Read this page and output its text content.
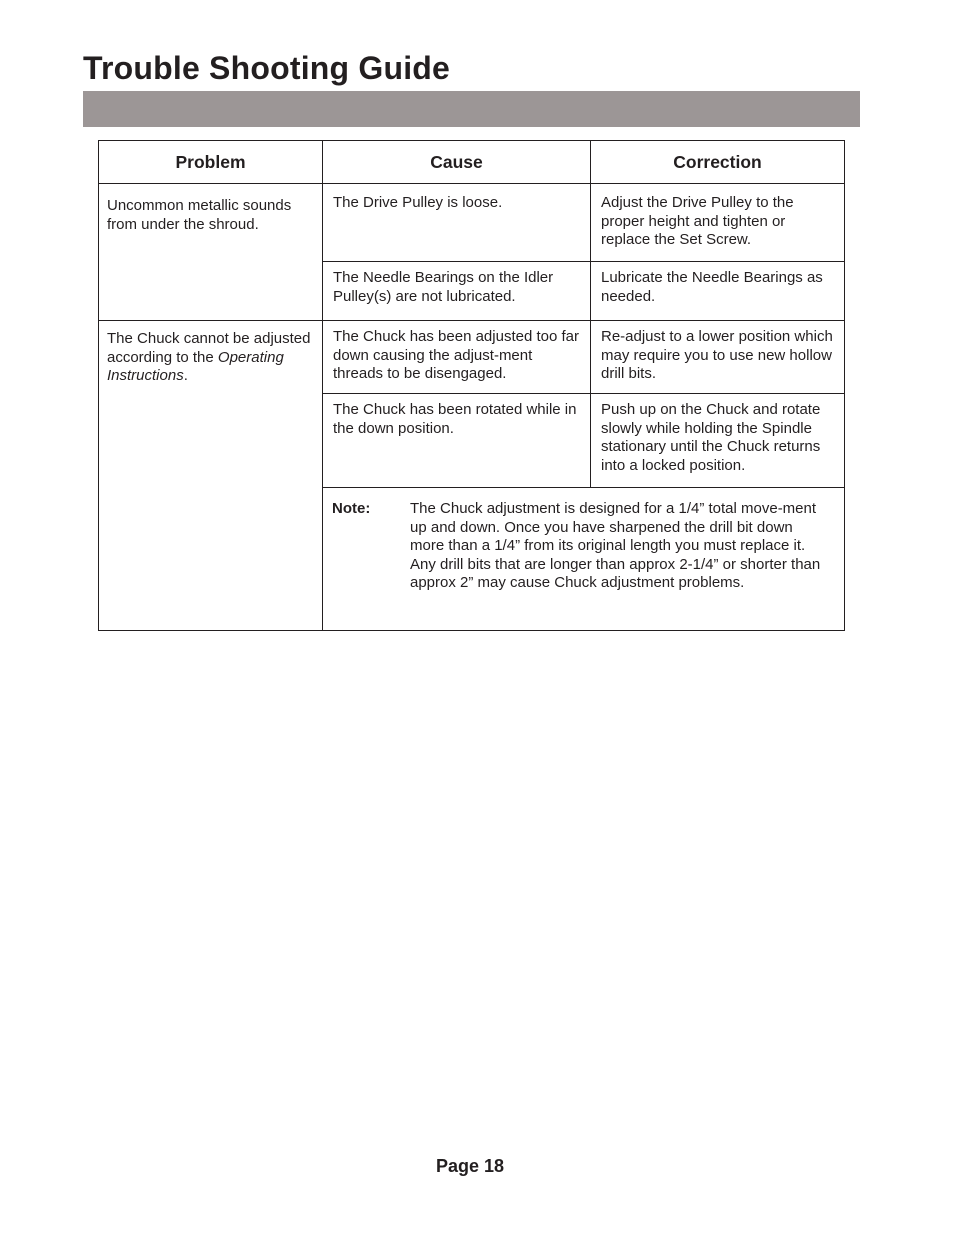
Trouble Shooting Guide
Problem	Cause	Correction
Uncommon metallic sounds from under the shroud.	The Drive Pulley is loose.	Adjust the Drive Pulley to the proper height and tighten or replace the Set Screw.
	The Needle Bearings on the Idler Pulley(s) are not lubricated.	Lubricate the Needle Bearings as needed.
The Chuck cannot be adjusted according to the Operating Instructions.	The Chuck has been adjusted too far down causing the adjust-ment threads to be disengaged.	Re-adjust to a lower position which may require you to use new hollow drill bits.
	The Chuck has been rotated while in the down position.	Push up on the Chuck and rotate slowly while holding the Spindle stationary until the Chuck returns into a locked position.

	Note: The Chuck adjustment is designed for a 1/4” total move-ment up and down. Once you have sharpened the drill bit down more than a 1/4” from its original length you must replace it. Any drill bits that are longer than approx 2-1/4” or shorter than approx 2” may cause Chuck adjustment problems.	
Page 18
